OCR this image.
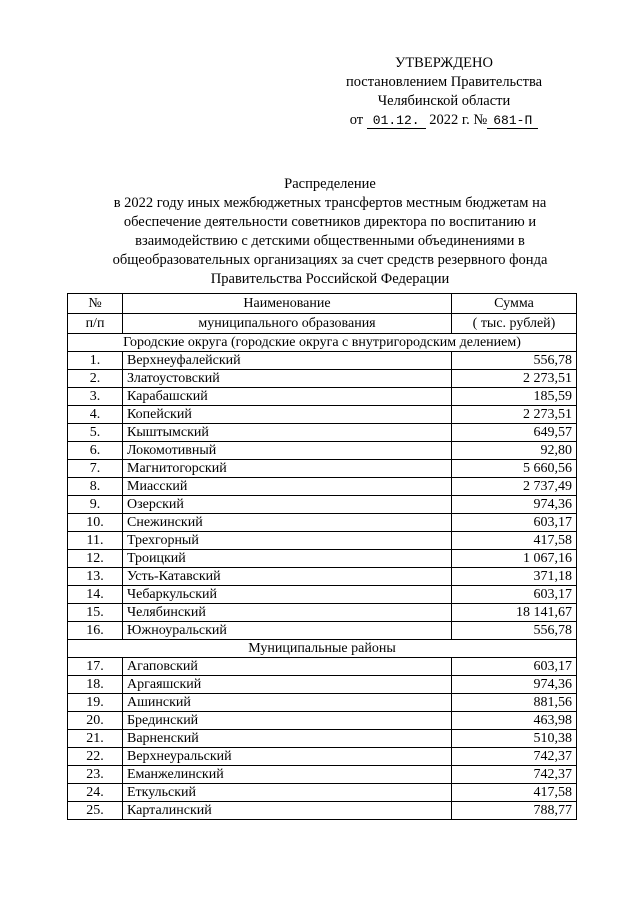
УТВЕРЖДЕНО
постановлением Правительства
Челябинской области
от 01.12. 2022 г. № 681-П
Распределение
в 2022 году иных межбюджетных трансфертов местным бюджетам на
обеспечение деятельности советников директора по воспитанию и
взаимодействию с детскими общественными объединениями в
общеобразовательных организациях за счет средств резервного фонда
Правительства Российской Федерации
№	Наименование	Сумма
п/п	муниципального образования	( тыс. рублей)
Городские округа (городские округа с внутригородским делением)		
1.	Верхнеуфалейский	556,78
2.	Златоустовский	2 273,51
3.	Карабашский	185,59
4.	Копейский	2 273,51
5.	Кыштымский	649,57
6.	Локомотивный	92,80
7.	Магнитогорский	5 660,56
8.	Миасский	2 737,49
9.	Озерский	974,36
10.	Снежинский	603,17
11.	Трехгорный	417,58
12.	Троицкий	1 067,16
13.	Усть-Катавский	371,18
14.	Чебаркульский	603,17
15.	Челябинский	18 141,67
16.	Южноуральский	556,78
Муниципальные районы		
17.	Агаповский	603,17
18.	Аргаяшский	974,36
19.	Ашинский	881,56
20.	Брединский	463,98
21.	Варненский	510,38
22.	Верхнеуральский	742,37
23.	Еманжелинский	742,37
24.	Еткульский	417,58
25.	Карталинский	788,77
